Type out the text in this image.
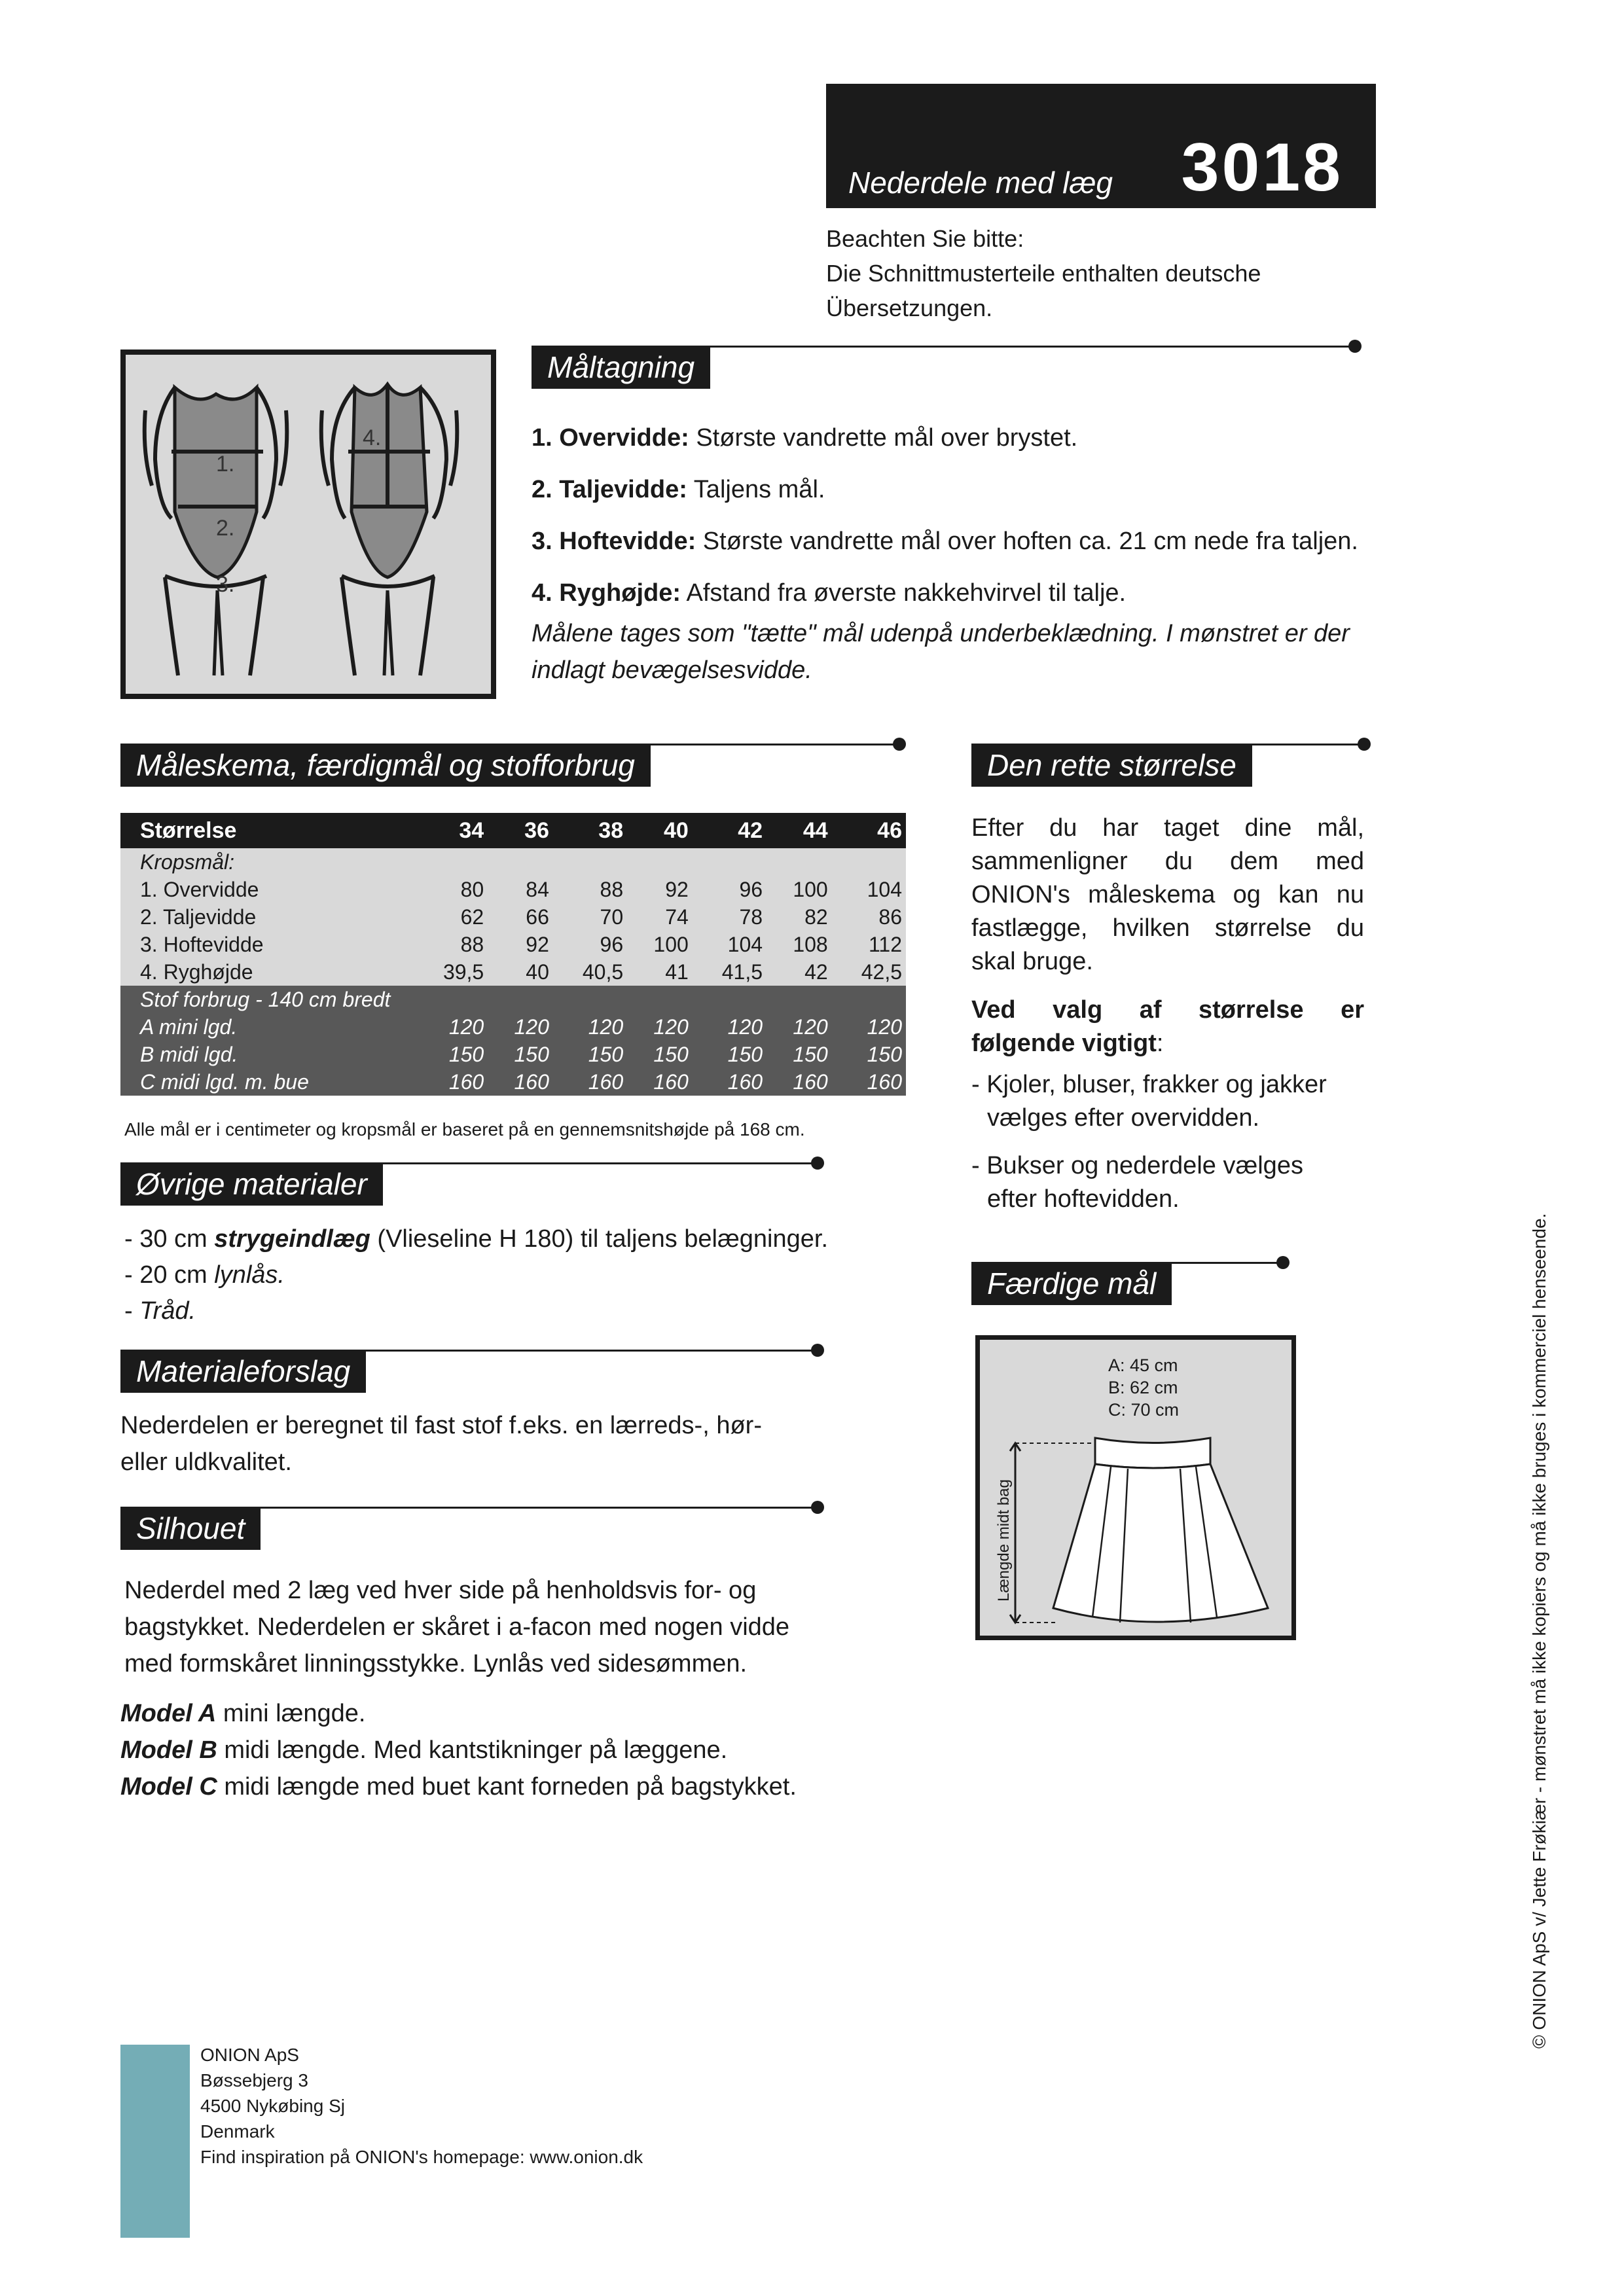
Nederdele med læg 3018
Beachten Sie bitte:
Die Schnittmusterteile enthalten deutsche
Übersetzungen.
1.
2.
3.
4.
Måltagning
1. Overvidde: Største vandrette mål over brystet.
2. Taljevidde: Taljens mål.
3. Hoftevidde: Største vandrette mål over hoften ca. 21 cm nede fra taljen.
4. Ryghøjde: Afstand fra øverste nakkehvirvel til talje.
Målene tages som "tætte" mål udenpå underbeklædning. I mønstret er der
indlagt bevægelsesvidde.
Måleskema, færdigmål og stofforbrug
Størrelse	34	36	38	40	42	44	46
Kropsmål:							
1. Overvidde	80	84	88	92	96	100	104
2. Taljevidde	62	66	70	74	78	82	86
3. Hoftevidde	88	92	96	100	104	108	112
4. Ryghøjde	39,5	40	40,5	41	41,5	42	42,5
Stof forbrug - 140 cm bredt							
A mini lgd.	120	120	120	120	120	120	120
B midi lgd.	150	150	150	150	150	150	150
C midi lgd. m. bue	160	160	160	160	160	160	160
Alle mål er i centimeter og kropsmål er baseret på en gennemsnitshøjde på 168 cm.
Øvrige materialer
- 30 cm strygeindlæg (Vlieseline H 180) til taljens belægninger.
- 20 cm lynlås.
- Tråd.
Materialeforslag
Nederdelen er beregnet til fast stof f.eks. en lærreds-, hør-
eller uldkvalitet.
Silhouet
Nederdel med 2 læg ved hver side på henholdsvis for- og
bagstykket. Nederdelen er skåret i a-facon med nogen vidde
med formskåret linningsstykke. Lynlås ved sidesømmen.
Model A mini længde.
Model B midi længde. Med kantstikninger på læggene.
Model C midi længde med buet kant forneden på bagstykket.
Den rette størrelse
Efter du har taget dine mål,
sammenligner du dem med
ONION's måleskema og kan nu
fastlægge, hvilken størrelse du
skal bruge.
Ved valg af størrelse er
følgende vigtigt:
- Kjoler, bluser, frakker og jakker
vælges efter overvidden.
- Bukser og nederdele vælges
efter hoftevidden.
Færdige mål
A: 45 cm
B: 62 cm
C: 70 cm
Længde midt bag
ONION ApS
Bøssebjerg 3
4500 Nykøbing Sj
Denmark
Find inspiration på ONION's homepage: www.onion.dk
© ONION ApS v/ Jette Frøkiær - mønstret må ikke kopiers og må ikke bruges i kommerciel henseende.
